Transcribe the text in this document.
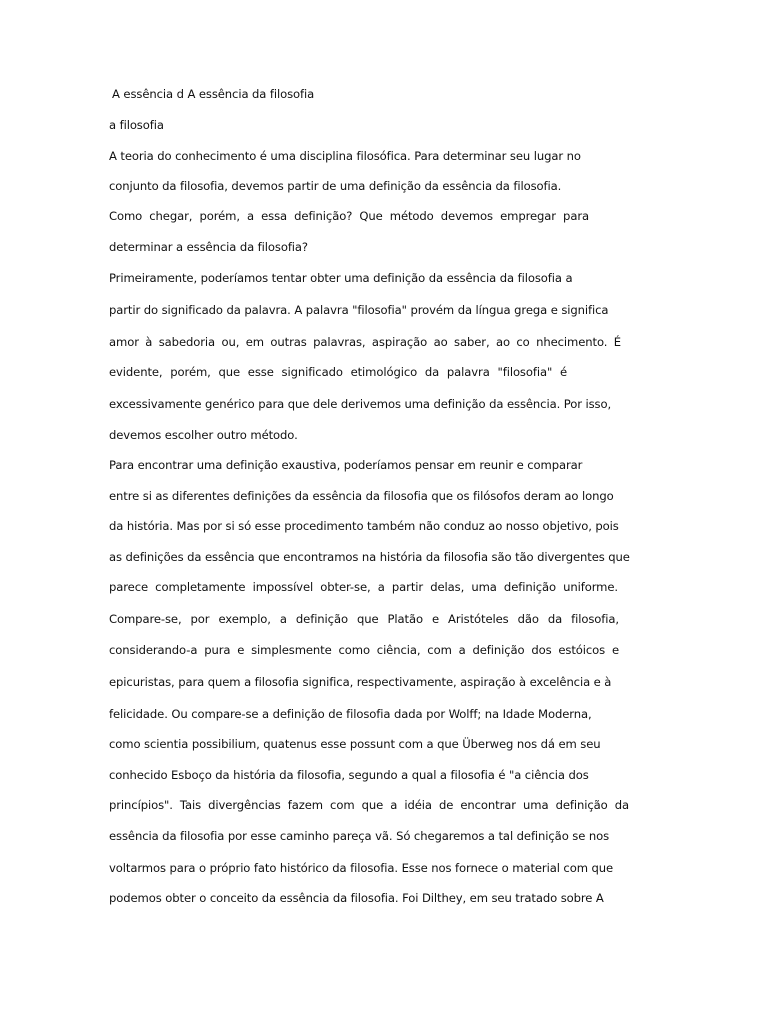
A essência d A essência da filosofia
a filosofia
A teoria do conhecimento é uma disciplina filosófica. Para determinar seu lugar no
conjunto da filosofia, devemos partir de uma definição da essência da filosofia.
Como chegar, porém, a essa definição? Que método devemos empregar para
determinar a essência da filosofia?
Primeiramente, poderíamos tentar obter uma definição da essência da filosofia a
partir do significado da palavra. A palavra "filosofia" provém da língua grega e significa
amor à sabedoria ou, em outras palavras, aspiração ao saber, ao co nhecimento. É
evidente, porém, que esse significado etimológico da palavra "filosofia" é
excessivamente genérico para que dele derivemos uma definição da essência. Por isso,
devemos escolher outro método.
Para encontrar uma definição exaustiva, poderíamos pensar em reunir e comparar
entre si as diferentes definições da essência da filosofia que os filósofos deram ao longo
da história. Mas por si só esse procedimento também não conduz ao nosso objetivo, pois
as definições da essência que encontramos na história da filosofia são tão divergentes que
parece completamente impossível obter-se, a partir delas, uma definição uniforme.
Compare-se, por exemplo, a definição que Platão e Aristóteles dão da filosofia,
considerando-a pura e simplesmente como ciência, com a definição dos estóicos e
epicuristas, para quem a filosofia significa, respectivamente, aspiração à excelência e à
felicidade. Ou compare-se a definição de filosofia dada por Wolff; na Idade Moderna,
como scientia possibilium, quatenus esse possunt com a que Überweg nos dá em seu
conhecido Esboço da história da filosofia, segundo a qual a filosofia é "a ciência dos
princípios". Tais divergências fazem com que a idéia de encontrar uma definição da
essência da filosofia por esse caminho pareça vã. Só chegaremos a tal definição se nos
voltarmos para o próprio fato histórico da filosofia. Esse nos fornece o material com que
podemos obter o conceito da essência da filosofia. Foi Dilthey, em seu tratado sobre A
